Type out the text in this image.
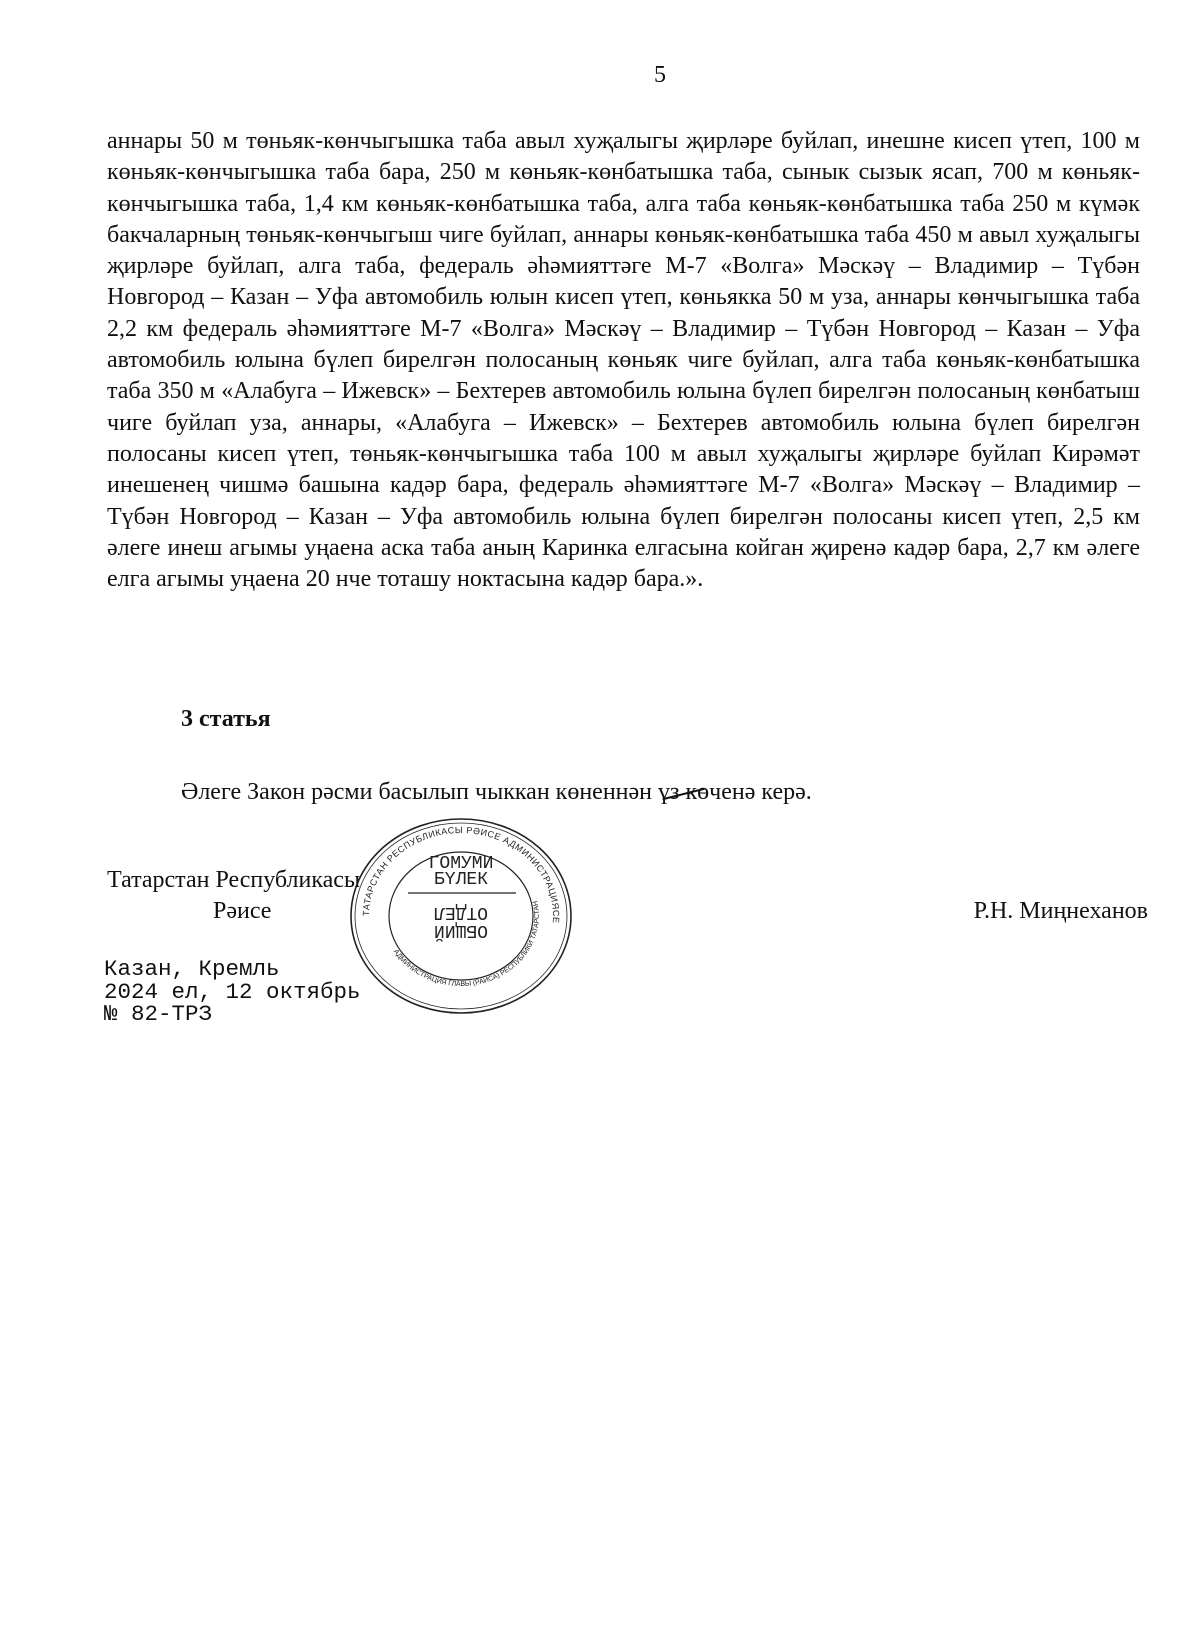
5

аннары 50 м төньяк-көнчыгышка таба авыл хуҗалыгы җирләре буйлап, инешне кисеп үтеп, 100 м көньяк-көнчыгышка таба бара, 250 м көньяк-көнбатышка таба, сынык сызык ясап, 700 м көньяк-көнчыгышка таба, 1,4 км көньяк-көнбатышка таба, алга таба көньяк-көнбатышка таба 250 м күмәк бакчаларның төньяк-көнчыгыш чиге буйлап, аннары көньяк-көнбатышка таба 450 м авыл хуҗалыгы җирләре буйлап, алга таба, федераль әһәмияттәге М-7 «Волга» Мәскәү – Владимир – Түбән Новгород – Казан – Уфа автомобиль юлын кисеп үтеп, көньякка 50 м уза, аннары көнчыгышка таба 2,2 км федераль әһәмияттәге М-7 «Волга» Мәскәү – Владимир – Түбән Новгород – Казан – Уфа автомобиль юлына бүлеп бирелгән полосаның көньяк чиге буйлап, алга таба көньяк-көнбатышка таба 350 м «Алабуга – Ижевск» – Бехтерев автомобиль юлына бүлеп бирелгән полосаның көнбатыш чиге буйлап уза, аннары, «Алабуга – Ижевск» – Бехтерев автомобиль юлына бүлеп бирелгән полосаны кисеп үтеп, төньяк-көнчыгышка таба 100 м авыл хуҗалыгы җирләре буйлап Кирәмәт инешенең чишмә башына кадәр бара, федераль әһәмияттәге М-7 «Волга» Мәскәү – Владимир – Түбән Новгород – Казан – Уфа автомобиль юлына бүлеп бирелгән полосаны кисеп үтеп, 2,5 км әлеге инеш агымы уңаена аска таба аның Каринка елгасына койган җиренә кадәр бара, 2,7 км әлеге елга агымы уңаена 20 нче тоташу ноктасына кадәр бара.».

3 статья
Әлеге Закон рәсми басылып чыккан көненнән үз көченә керә.
Татарстан Республикасы
Рәисе	Р.Н. Миңнеханов
Казан, Кремль
2024 ел, 12 октябрь
№ 82-ТРЗ
ТАТАРСТАН РЕСПУБЛИКАСЫ РӘИСЕ АДМИНИСТРАЦИЯСЕ
АДМИНИСТРАЦИЯ ГЛАВЫ (РАИСА) РЕСПУБЛИКИ ТАТАРСТАН
ГОМУМИ
БҮЛЕК
ОТДЕЛ
ОБЩИЙ
